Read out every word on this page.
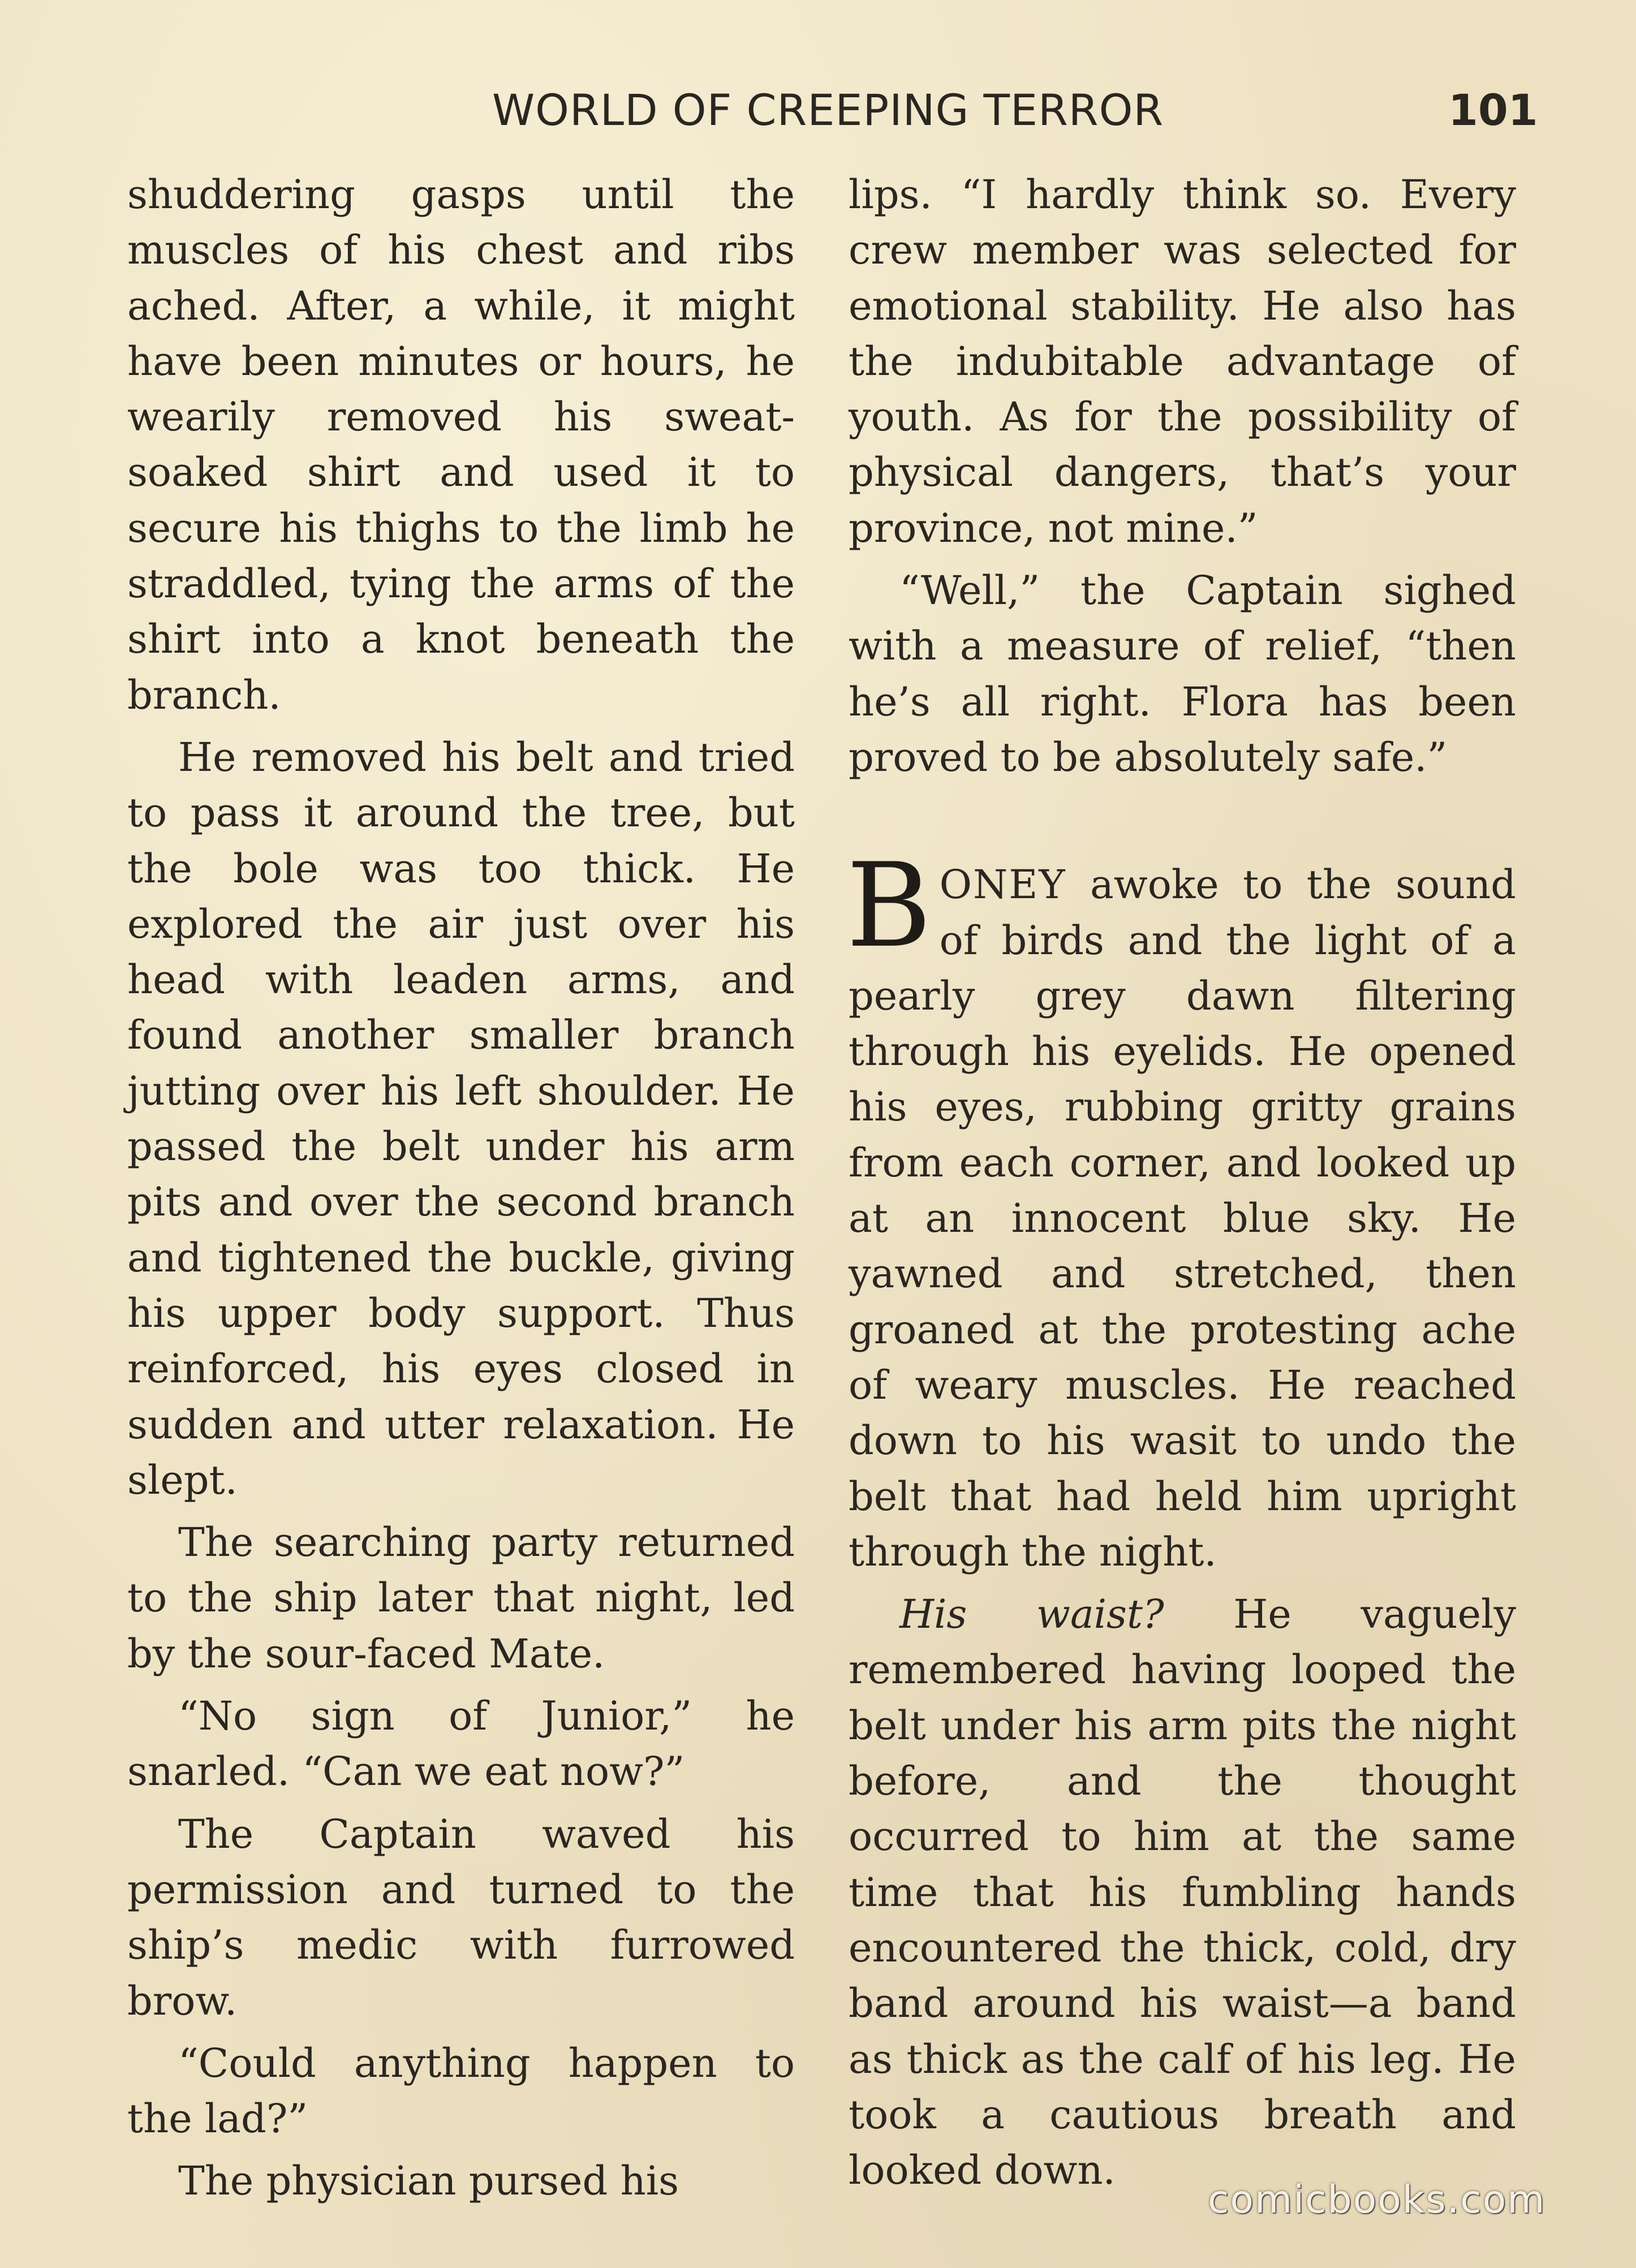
WORLD OF CREEPING TERROR	101

shuddering gasps until the muscles of his chest and ribs ached. After, a while, it might have been minutes or hours, he wearily removed his sweat-soaked shirt and used it to secure his thighs to the limb he straddled, tying the arms of the shirt into a knot beneath the branch.

He removed his belt and tried to pass it around the tree, but the bole was too thick. He explored the air just over his head with leaden arms, and found another smaller branch jutting over his left shoulder. He passed the belt under his arm pits and over the second branch and tightened the buckle, giving his upper body support. Thus reinforced, his eyes closed in sudden and utter relaxation. He slept.

The searching party returned to the ship later that night, led by the sour-faced Mate.

“No sign of Junior,” he snarled. “Can we eat now?”

The Captain waved his permission and turned to the ship’s medic with furrowed brow.

“Could anything happen to the lad?”

The physician pursed his

lips. “I hardly think so. Every crew member was selected for emotional stability. He also has the indubitable advantage of youth. As for the possibility of physical dangers, that’s your province, not mine.”

“Well,” the Captain sighed with a measure of relief, “then he’s all right. Flora has been proved to be absolutely safe.”

BONEY awoke to the sound of birds and the light of a pearly grey dawn filtering through his eyelids. He opened his eyes, rubbing gritty grains from each corner, and looked up at an innocent blue sky. He yawned and stretched, then groaned at the protesting ache of weary muscles. He reached down to his wasit to undo the belt that had held him upright through the night.

His waist? He vaguely remembered having looped the belt under his arm pits the night before, and the thought occurred to him at the same time that his fumbling hands encountered the thick, cold, dry band around his waist—a band as thick as the calf of his leg. He took a cautious breath and looked down.

comicbooks.com
